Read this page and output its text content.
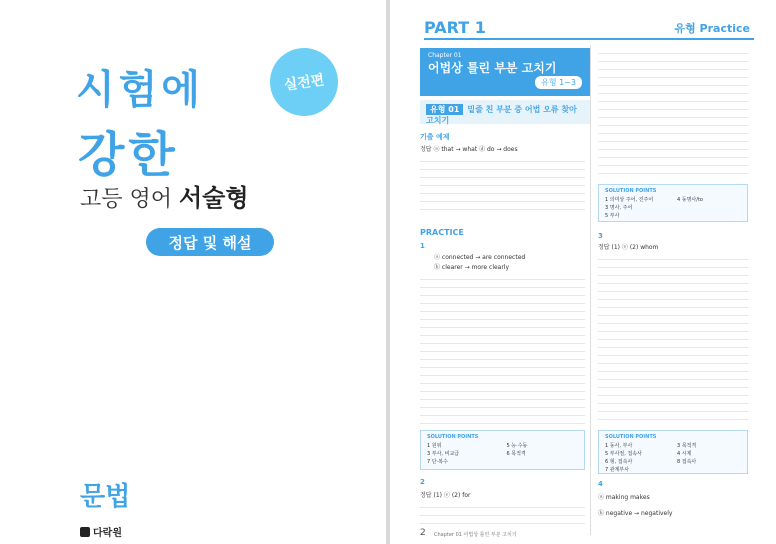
시험에
강한
실전편
고등 영어 서술형
정답 및 해설
문법
다락원
PART 1	유형 Practice
Chapter 01
어법상 틀린 부분 고치기
유형 1~3
유형 01 밑줄 친 부분 중 어법 오류 찾아 고치기
기출 예제
정답 ⓐ that → what ⓓ do → does
PRACTICE
1
ⓐ connected → are connected
ⓑ clearer → more clearly
SOLUTION POINTS
1 원위	5 능·수동
3 부사, 비교급	6 목적격
7 단·복수
2
정답 (1) ⓔ (2) for
SOLUTION POINTS
1 의미상 주어, 진주어	4 동명사/to
3 명사, 주어
5 부사
3
정답 (1) ⓔ (2) whom
SOLUTION POINTS
1 동사, 부사	3 목적격
5 부사절, 접속사	4 시제
6 형, 접속사	8 접속사
7 관계부사
4
ⓐ making makes
ⓑ negative → negatively
2 Chapter 01 어법상 틀린 부분 고치기
